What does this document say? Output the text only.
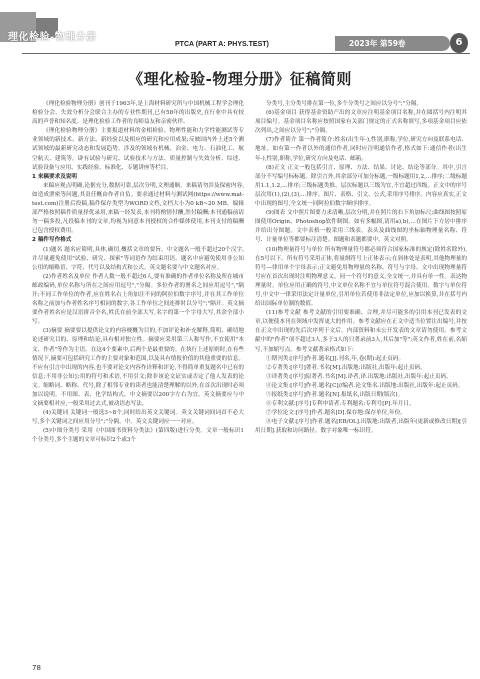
理化检验-物理分册
PTCA (PART A: PHYS.TEST)	2023年 第59卷	6
《理化检验-物理分册》征稿简则

《理化检验物理分册》创刊于1963年,是上海材料研究所与中国机械工程学会理化检验分会、失效分析分会联合主办的专业性期刊,已有58年的出版史,在行业中具有较高的声誉和知名度。是理化检验工作者的良师益友和亲密伙伴。

《理化检验物理分册》主要报道材料的金相检验、物理性能和力学性能测试等专业领域的新技术、新方法、新经验以及相应的研究和应用成果;反映国内外上述5个测试领域的最新研究动态和发展趋势。涉及的领域有机械、冶金、电力、石油化工、航空航天、建筑等。辟有试验与研究、试验技术与方法、质量控制与失效分析、综述、试验设备与应用、实践经验、标准化、专题讲座等栏目。

1 来稿要求及说明

来稿应观点明确,论据充分,数据可靠,层次分明,文理通顺。来稿请勿涉及保密内容,如造成泄密等问题,其责任概由作者自负。要求通过材料与测试网(https://www.mat-test.com)注册后投稿,稿件保存类型为WORD文档,文档大小为0 kB~20 MB。编辑部严格按照稿件质量择优录用,来稿一经发表,本刊将酌情付酬,然付稿酬;本刊通稿前请勿一稿多投,凡投稿本刊的文章,均视为同意本刊授权的合作媒体使用,本刊支付的稿酬已包含授权费用。

2 稿件写作格式

(1)题名 题名应简明,具体,确切,概括文章的要旨。中文题名一般不超过20个汉字,并尽量避免使用"试验、研究、探索"等词语作为结束用语。题名中应避免使用非公知公用的缩略语、字符、代号以及结构式和公式。英文题名要与中文题名对应。

(2)作者姓名及单位 作者人数一般不超过6人,要有准确的作者单位名称及所在城市邮政编码,单位名称与所在之间应用逗号","分隔。多位作者的署名之间应用逗号","隔开;不同工作单位的作者,应在姓名右上角加注不同的阿拉伯数字序号,并在其工作单位名称之前加与作者姓名序号相同的数字,各工作单位之间连排时以分号";"隔开。英文摘要作者姓名应是汉语拼音全名,姓氏在前全部大写,名字的第一个字母大写,其余全部小写。

(3)摘要 摘要要以提供论文的内容梗概为目的,不加评论和补充解释,简明、确切地论述研究目的、原理和结论,具有相对独立性。摘要应采用第三人称写作,不宜使用"本文、作者"等作为主语。在这4个要素中,后两个是最重要的。在执行上述原则时,在有些情况下,摘要可包括研究工作的主要对象和范围,以及具有情报价值的其他重要的信息。不应有引言中出现的内容,也不要对论文内容作诠释和评论,不得简单重复题名中已有的信息;不用非公知公用的符号和术语,不用引文;除非该论文证实或否定了他人发表的论文。缩略词、略称、代号,除了相邻专业的读者也能清楚理解的以外,在首次出现时必须加以说明。不用图、表、化学结构式。中文摘要以200字左右为宜。英文摘要应与中文摘要相对应,一般采用过去式,被动语态写法。

(4)关键词 关键词一般选3~8个,同时给出英文关键词。英文关键词间词首不必大写,多个关键词之间应用分号";"分隔。中、英文关键词应一一对应。

(5)中图分类号 采用《中国图书资料分类法》(第四版)进行分类。文章一般标识1个分类号,多个主题的文章可标识2个或3个

分类号,主分类号排在第一位,多个分类号之间应以分号";"分隔。

(6)基金项目 获得基金资助产出的文章应注明基金项目名称,并在圆括号内注明其项目编号。基金项目名称应按照国家有关部门规定的正式名称填写,多项基金项目应依次列出,之间应以分号";"分隔。

(7)作者简介 第一作者简介:姓名(出生年-),性别,职称,学位,研究方向及联系电话、地址。如有第一作者以外的通信作者,同时应注明通信作者,格式如下:通信作者(出生年-),性别,职称,学位,研究方向及电话、邮箱。

(8)正文 正文一般包括引言、原理、方法、结果、讨论、结论等部分。其中,引言部分不写编号标标题。除引言外,其余部分可加分标题,一级标题用1,2,…排序;二级标题用1.1,1.2,…排序;三级标题类推。层次标题以三级为宜,不宜超过四级。正文中的序号层次用(1),(2),(3),…排序。图片、表格、引文、公式,采用序号排序。内容应真实,正文中出现的图号,全文统一同阿拉伯数字顺序排序。

(9)图表 文中照片图要力求清晰,层次分明,并在照片的右下角加标尺;曲线图按照原图使用Origin、Photoshop软件制图。如有多幅图,请用a),b),…在图片下方居中排序并给出分图题。文中表格一般采用三线表。表头及曲线图的坐标轴物理量名称、符号、计量单位等都要标注清楚。图题和表题都要中、英文对照。

(10)物理量符号与单位 所有物理量符号都必须符合国家标准的规定(除姓名除外),在5号以下、所有符号采用正体,将量纲符号上正体表示;在斜体处是表明,其他物理量的符号—律用单个字母表示;正文避免用物理量的名称、符号与字母、文中出现物理量符号应在首次出现时注明物理意义。同一个符号的意义,全文统一,并具有单一性。表达物理量时。单位应用正确的符号,中文单位名称不宜与单位符号混合使用。数字与单位符号,中文中一律采用法定计量单位,引用单位若使用非法定单位,应加以换算,并在括号内给出国际单位制的数值。

(11)参考文献 参考文献的引用要准确、合理,并尽可能多的引用本刊已发表的文章,以便使本刊在领域中发挥更大的作用。参考文献应在正文中适当位置注出编号,并按在正文中出现的先后次序列于文后。内部资料和未公开发表的文章请勿使用。参考文献中的"作者"项不超过3人,多于3人的只著录前3人,其后加"等";英文作者,姓在前,名缩写,不加缩写点。参考文献著录格式如下:

①期刊类:[序号]作者.题名[J].刊名,年,卷(期):起止页码。

②专著类:[序号]著者.书名[M].出版地:出版社,出版年:起止页码。

③译著类:[序号]原著者.书名[M].译者,译.出版地:出版社,出版年:起止页码。

④论文集:[序号]作者.题名[C]//编者.论文集名.出版地:出版社,出版年:起止页码。

⑤报纸类:[序号]作者.题名[N].报纸名,出版日期(版次)。

⑥专利文献:[序号]专利申请者.专利题名:专利号[P].年月日。

⑦学位论文:[序号]作者.题名[D].保存地:保存单位,年份。

⑧电子文献:[序号]作者.题名[EB/OL].出版地:出版者,出版年(更新或修改日期)[引用日期].获取和访问路径。数字对象唯一标识符。

78
